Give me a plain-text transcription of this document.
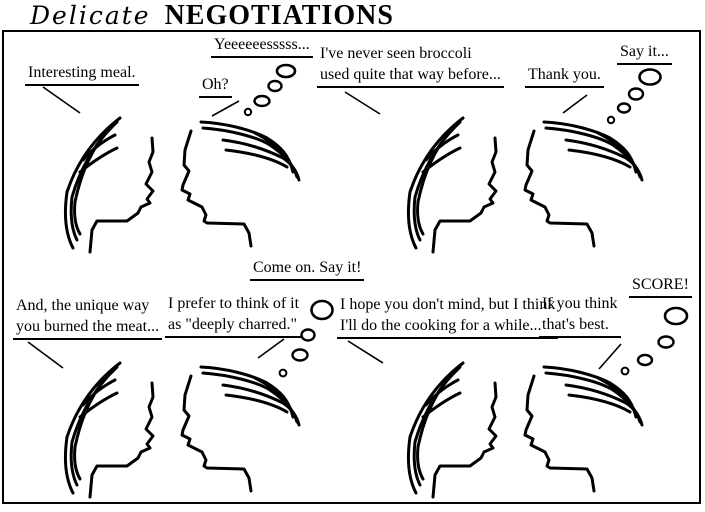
Delicate NEGOTIATIONS
Interesting meal.
Oh?
Yeeeeeesssss...
I've never seen broccoli
used quite that way before... Thank you.
Say it...
And, the unique way
you burned the meat...
I prefer to think of it
as "deeply charred."
Come on. Say it!
I hope you don't mind, but I think
I'll do the cooking for a while...
If you think
that's best.
SCORE!
